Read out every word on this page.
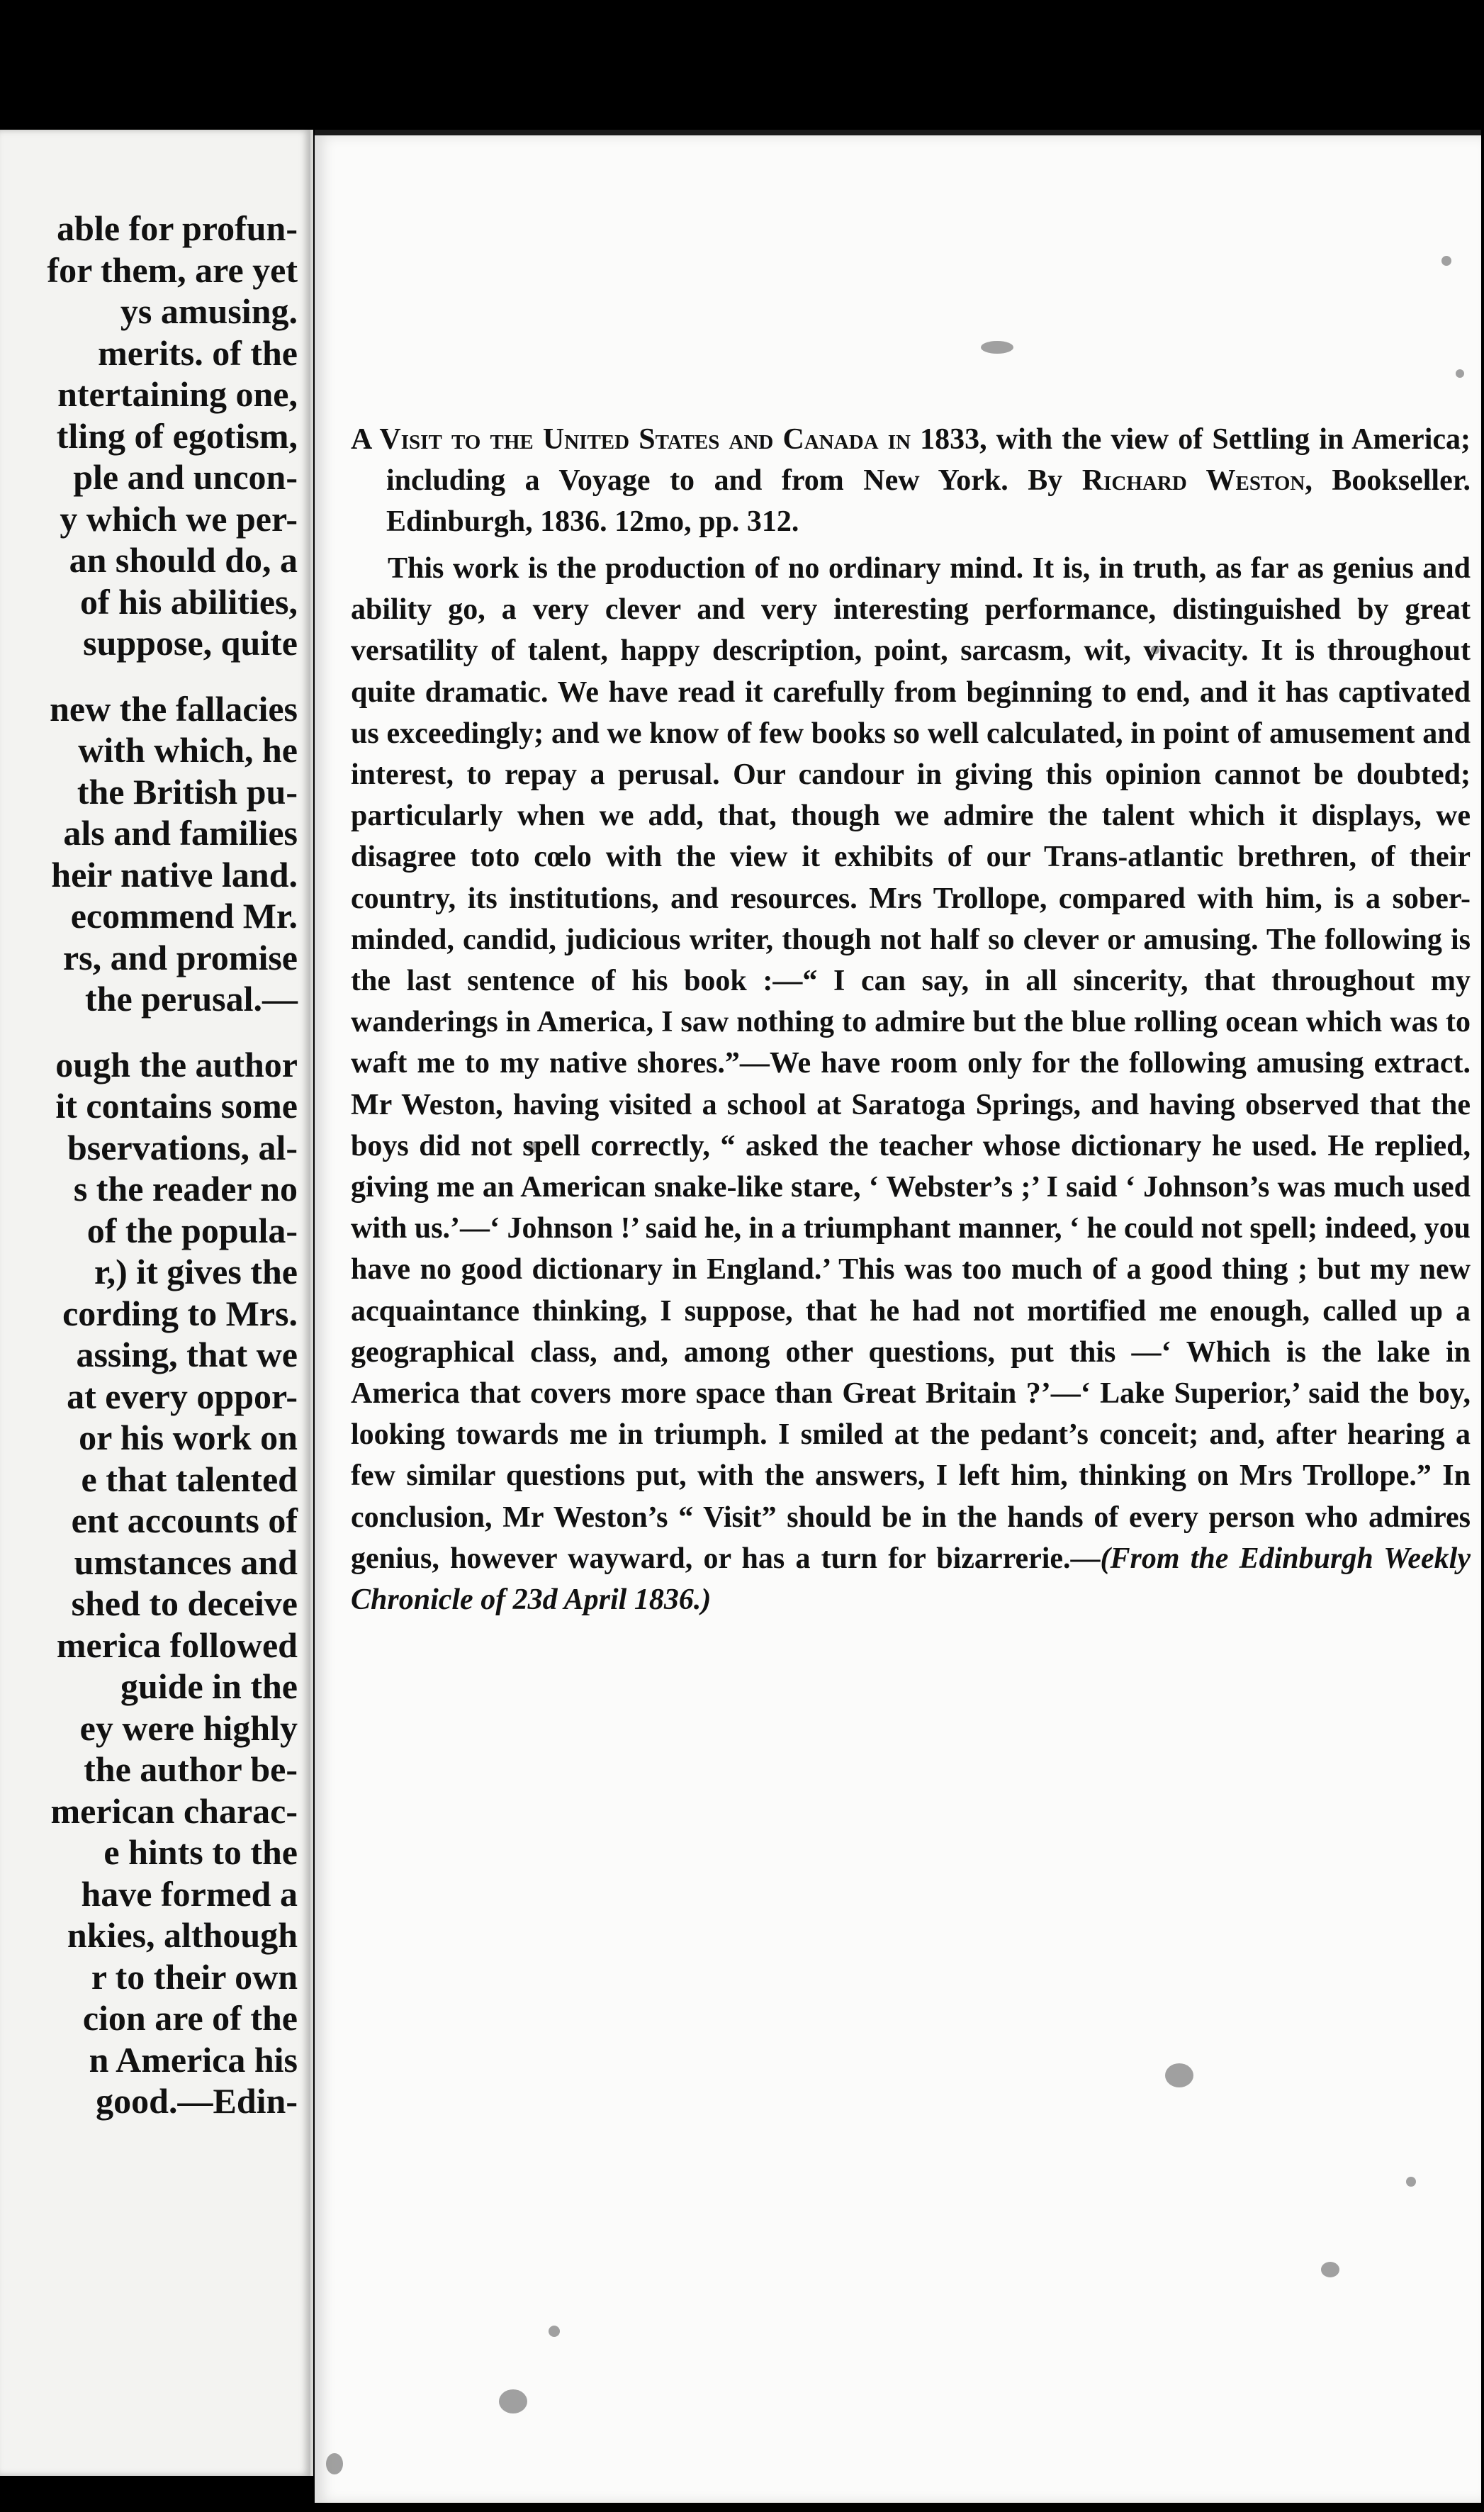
able for profun-
for them, are yet
ys amusing.
merits. of the
ntertaining one,
tling of egotism,
ple and uncon-
y which we per-
an should do, a
of his abilities,
suppose, quite
new the fallacies
with which, he
the British pu-
als and families
heir native land.
ecommend Mr.
rs, and promise
the perusal.—
ough the author
it contains some
bservations, al-
s the reader no
of the popula-
r,) it gives the
cording to Mrs.
assing, that we
at every oppor-
or his work on
e that talented
ent accounts of
umstances and
shed to deceive
merica followed
guide in the
ey were highly
the author be-
merican charac-
e hints to the
have formed a
nkies, although
r to their own
cion are of the
n America his
good.—Edin-

A Visit to the United States and Canada in 1833, with the view of Settling in America; including a Voyage to and from New York. By Richard Weston, Bookseller. Edinburgh, 1836. 12mo, pp. 312.

This work is the production of no ordinary mind. It is, in truth, as far as genius and ability go, a very clever and very interesting performance, distinguished by great versatility of talent, happy description, point, sarcasm, wit, vivacity. It is throughout quite dramatic. We have read it carefully from beginning to end, and it has captivated us exceedingly; and we know of few books so well calculated, in point of amusement and interest, to repay a perusal. Our candour in giving this opinion cannot be doubted; particularly when we add, that, though we admire the talent which it displays, we disagree toto cœlo with the view it exhibits of our Trans-atlantic brethren, of their country, its institutions, and resources. Mrs Trollope, compared with him, is a sober-minded, candid, judicious writer, though not half so clever or amusing. The following is the last sentence of his book :—“ I can say, in all sincerity, that throughout my wanderings in America, I saw nothing to admire but the blue rolling ocean which was to waft me to my native shores.”—We have room only for the following amusing extract. Mr Weston, having visited a school at Saratoga Springs, and having observed that the boys did not spell correctly, “ asked the teacher whose dictionary he used. He replied, giving me an American snake-like stare, ‘ Webster’s ;’ I said ‘ Johnson’s was much used with us.’—‘ Johnson !’ said he, in a triumphant manner, ‘ he could not spell; indeed, you have no good dictionary in England.’ This was too much of a good thing ; but my new acquaintance thinking, I suppose, that he had not mortified me enough, called up a geographical class, and, among other questions, put this —‘ Which is the lake in America that covers more space than Great Britain ?’—‘ Lake Superior,’ said the boy, looking towards me in triumph. I smiled at the pedant’s conceit; and, after hearing a few similar questions put, with the answers, I left him, thinking on Mrs Trollope.” In conclusion, Mr Weston’s “ Visit” should be in the hands of every person who admires genius, however wayward, or has a turn for bizarrerie.—(From the Edinburgh Weekly Chronicle of 23d April 1836.)
